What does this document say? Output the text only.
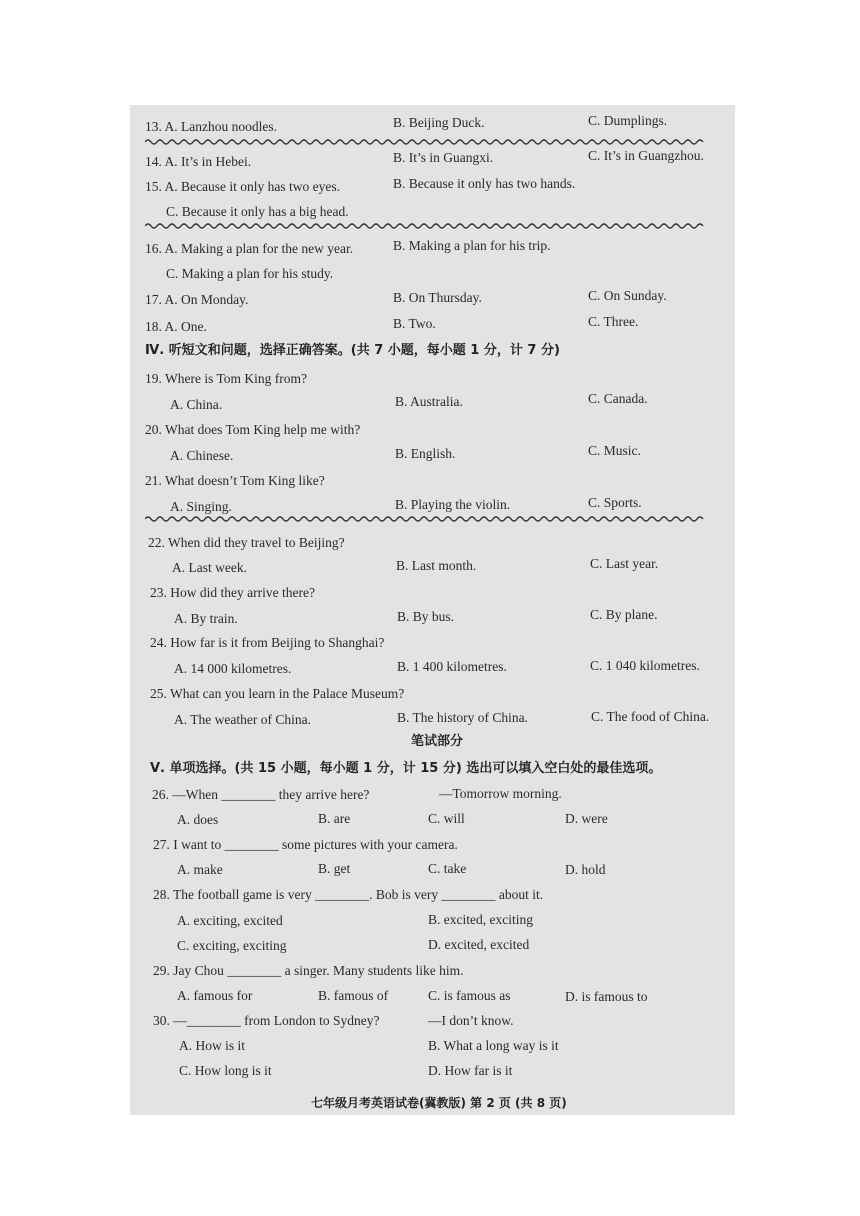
13. A. Lanzhou noodles.	B. Beijing Duck.	C. Dumplings.
14. A. It’s in Hebei.	B. It’s in Guangxi.	C. It’s in Guangzhou.
15. A. Because it only has two eyes.	B. Because it only has two hands.
C. Because it only has a big head.
16. A. Making a plan for the new year.	B. Making a plan for his trip.
C. Making a plan for his study.
17. A. On Monday.	B. On Thursday.	C. On Sunday.
18. A. One.	B. Two.	C. Three.
Ⅳ. 听短文和问题，选择正确答案。(共 7 小题，每小题 1 分，计 7 分)
19. Where is Tom King from?
A. China.	B. Australia.	C. Canada.
20. What does Tom King help me with?
A. Chinese.	B. English.	C. Music.
21. What doesn’t Tom King like?
A. Singing.	B. Playing the violin.	C. Sports.
22. When did they travel to Beijing?
A. Last week.	B. Last month.	C. Last year.
23. How did they arrive there?
A. By train.	B. By bus.	C. By plane.
24. How far is it from Beijing to Shanghai?
A. 14 000 kilometres.	B. 1 400 kilometres.	C. 1 040 kilometres.
25. What can you learn in the Palace Museum?
A. The weather of China.	B. The history of China.	C. The food of China.
笔试部分
Ⅴ. 单项选择。(共 15 小题，每小题 1 分，计 15 分) 选出可以填入空白处的最佳选项。
26. —When ________ they arrive here?	—Tomorrow morning.
A. does	B. are	C. will	D. were
27. I want to ________ some pictures with your camera.
A. make	B. get	C. take	D. hold
28. The football game is very ________. Bob is very ________ about it.
A. exciting, excited	B. excited, exciting
C. exciting, exciting	D. excited, excited
29. Jay Chou ________ a singer. Many students like him.
A. famous for	B. famous of	C. is famous as	D. is famous to
30. —________ from London to Sydney?	—I don’t know.
A. How is it	B. What a long way is it
C. How long is it	D. How far is it
七年级月考英语试卷(冀教版) 第 2 页 (共 8 页)
